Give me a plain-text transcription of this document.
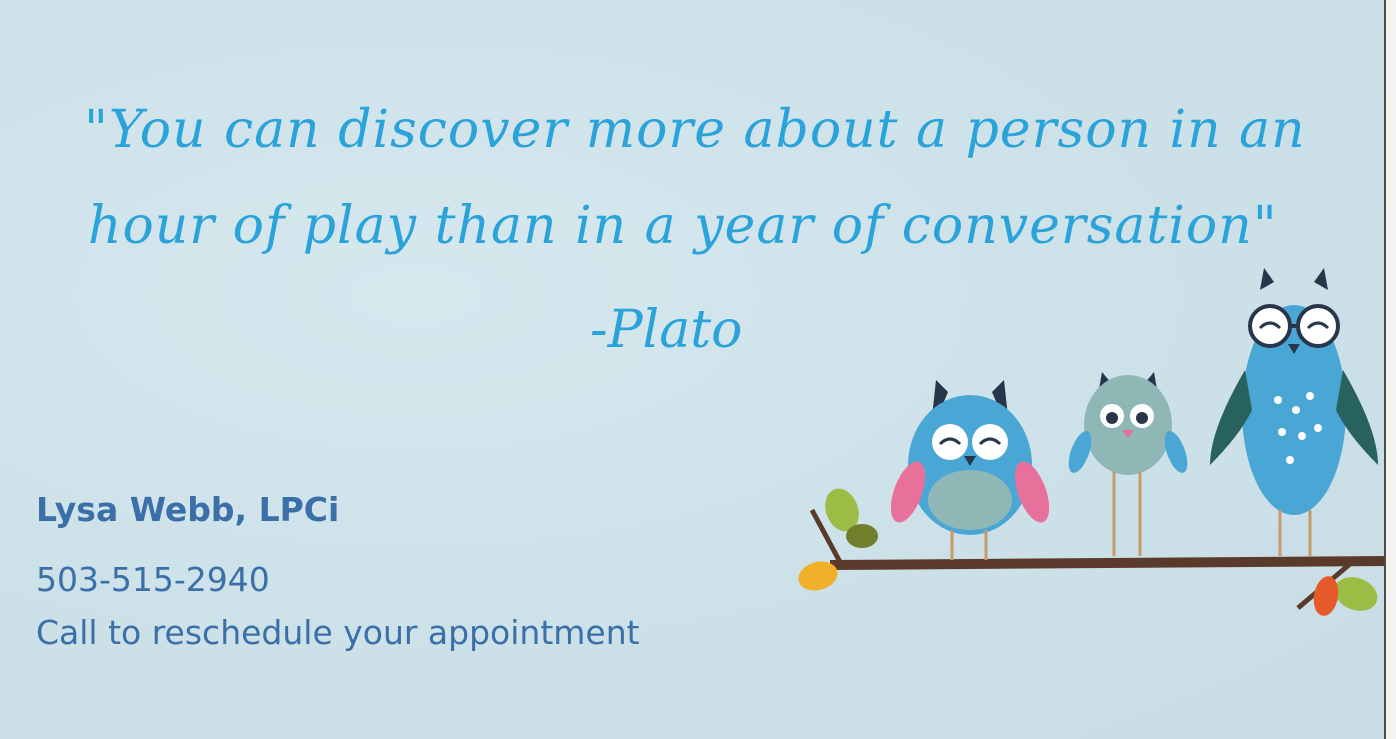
"You can discover more about a person in an
hour of play than in a year of conversation"
-Plato
Lysa Webb, LPCi
503-515-2940
Call to reschedule your appointment
